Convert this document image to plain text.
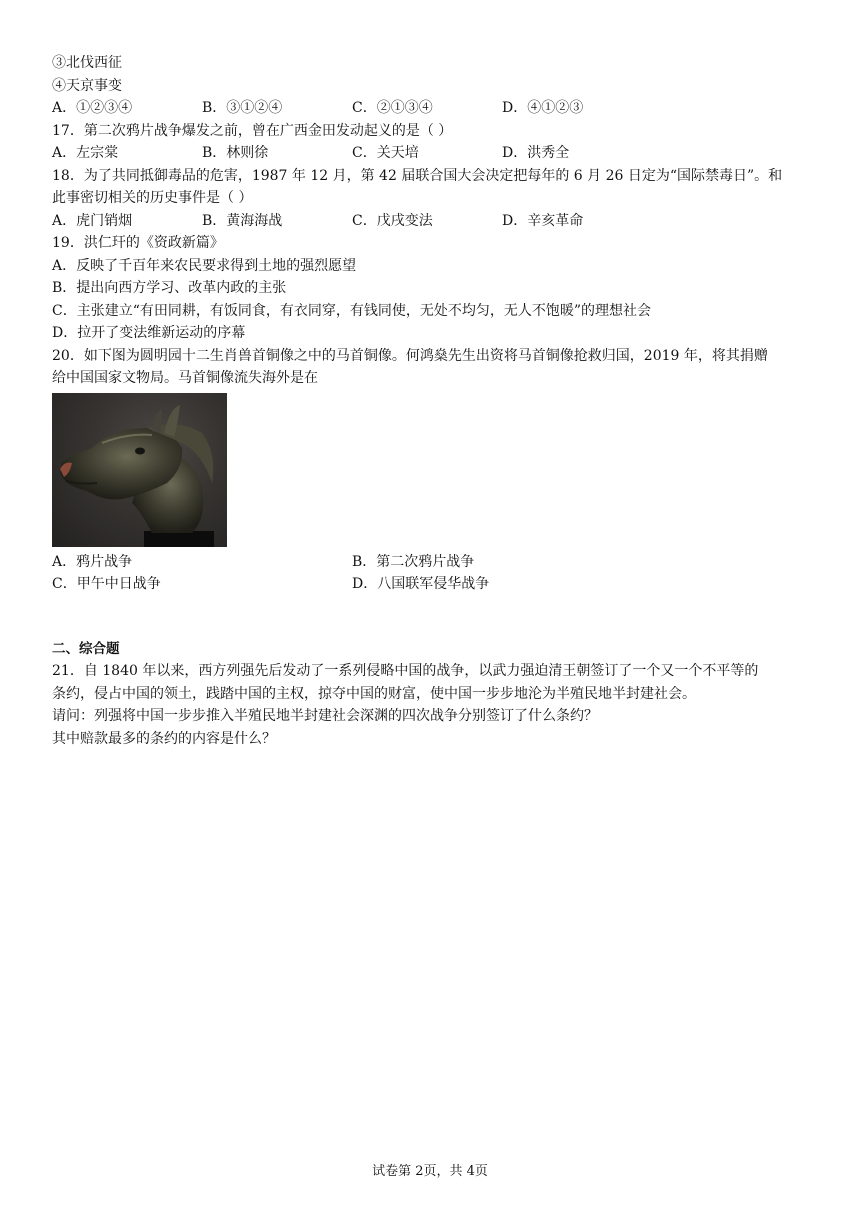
③北伐西征
④天京事变
A．①②③④	B．③①②④	C．②①③④	D．④①②③
17．第二次鸦片战争爆发之前，曾在广西金田发动起义的是（ ）
A．左宗棠	B．林则徐	C．关天培	D．洪秀全
18．为了共同抵御毒品的危害，1987 年 12 月，第 42 届联合国大会决定把每年的 6 月 26 日定为“国际禁毒日”。和
此事密切相关的历史事件是（ ）
A．虎门销烟	B．黄海海战	C．戊戌变法	D．辛亥革命
19．洪仁玕的《资政新篇》
A．反映了千百年来农民要求得到土地的强烈愿望
B．提出向西方学习、改革内政的主张
C．主张建立“有田同耕，有饭同食，有衣同穿，有钱同使，无处不均匀，无人不饱暖”的理想社会
D．拉开了变法维新运动的序幕
20．如下图为圆明园十二生肖兽首铜像之中的马首铜像。何鸿燊先生出资将马首铜像抢救归国，2019 年，将其捐赠
给中国国家文物局。马首铜像流失海外是在
A．鸦片战争	B．第二次鸦片战争
C．甲午中日战争	D．八国联军侵华战争
二、综合题
21．自 1840 年以来，西方列强先后发动了一系列侵略中国的战争，以武力强迫清王朝签订了一个又一个不平等的
条约，侵占中国的领土，践踏中国的主权，掠夺中国的财富，使中国一步步地沦为半殖民地半封建社会。
请问：列强将中国一步步推入半殖民地半封建社会深渊的四次战争分别签订了什么条约？
其中赔款最多的条约的内容是什么？
试卷第 2页，共 4页
